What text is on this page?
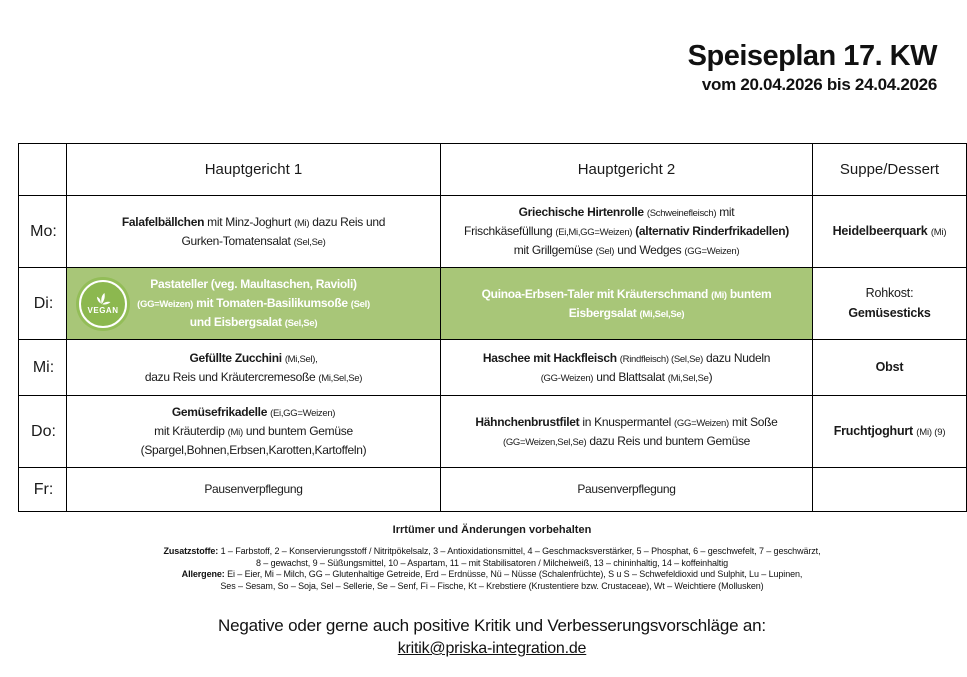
Speiseplan 17. KW
vom 20.04.2026 bis 24.04.2026
	Hauptgericht 1	Hauptgericht 2	Suppe/Dessert
Mo:	Falafelbällchen mit Minz-Joghurt (Mi) dazu Reis und
Gurken-Tomatensalat (Sel,Se)	Griechische Hirtenrolle (Schweinefleisch) mit
Frischkäsefüllung (Ei,Mi,GG=Weizen) (alternativ Rinderfrikadellen)
mit Grillgemüse (Sel) und Wedges (GG=Weizen)	Heidelbeerquark (Mi)
Di:	VEGAN
Pastateller (veg. Maultaschen, Ravioli)
(GG=Weizen) mit Tomaten-Basilikumsoße (Sel)
und Eisbergsalat (Sel,Se)	Quinoa-Erbsen-Taler mit Kräuterschmand (Mi) buntem
Eisbergsalat (Mi,Sel,Se)	Rohkost:
Gemüsesticks
Mi:	Gefüllte Zucchini (Mi,Sel),
dazu Reis und Kräutercremesoße (Mi,Sel,Se)	Haschee mit Hackfleisch (Rindfleisch) (Sel,Se) dazu Nudeln
(GG-Weizen) und Blattsalat (Mi,Sel,Se)	Obst
Do:	Gemüsefrikadelle (Ei,GG=Weizen)
mit Kräuterdip (Mi) und buntem Gemüse
(Spargel,Bohnen,Erbsen,Karotten,Kartoffeln)	Hähnchenbrustfilet in Knuspermantel (GG=Weizen) mit Soße
(GG=Weizen,Sel,Se) dazu Reis und buntem Gemüse	Fruchtjoghurt (Mi) (9)
Fr:	Pausenverpflegung	Pausenverpflegung	
Irrtümer und Änderungen vorbehalten
Zusatzstoffe: 1 – Farbstoff, 2 – Konservierungsstoff / Nitritpökelsalz, 3 – Antioxidationsmittel, 4 – Geschmacksverstärker, 5 – Phosphat, 6 – geschwefelt, 7 – geschwärzt,
8 – gewachst, 9 – Süßungsmittel, 10 – Aspartam, 11 – mit Stabilisatoren / Milcheiweiß, 13 – chininhaltig, 14 – koffeinhaltig
Allergene: Ei – Eier, Mi – Milch, GG – Glutenhaltige Getreide, Erd – Erdnüsse, Nü – Nüsse (Schalenfrüchte), S u S – Schwefeldioxid und Sulphit, Lu – Lupinen,
Ses – Sesam, So – Soja, Sel – Sellerie, Se – Senf, Fi – Fische, Kt – Krebstiere (Krustentiere bzw. Crustaceae), Wt – Weichtiere (Mollusken)
Negative oder gerne auch positive Kritik und Verbesserungsvorschläge an:
kritik@priska-integration.de
